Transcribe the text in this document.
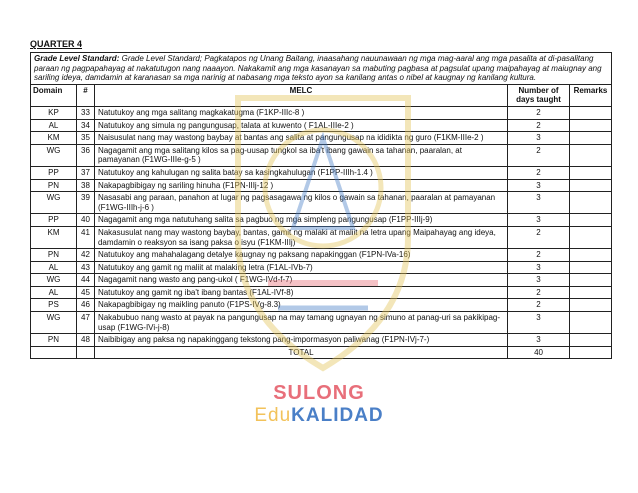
QUARTER 4
Grade Level Standard: Grade Level Standard; Pagkatapos ng Unang Baitang, inaasahang nauunawaan ng mga mag-aaral ang mga pasalita at di-pasalitang paraan ng pagpapahayag at nakatutugon nang naaayon. Nakakamit ang mga kasanayan sa mabuting pagbasa at pagsulat upang maipahayag at maiugnay ang sariling ideya, damdamin at karanasan sa mga narinig at nabasang mga teksto ayon sa kanilang antas o nibel at kaugnay ng kanilang kultura.				
Domain	#	MELC	Number of days taught	Remarks
KP	33	Natutukoy ang mga salitang magkakatugma (F1KP-IIIc-8 )	2	
AL	34	Natutukoy ang simula ng pangungusap, talata at kuwento ( F1AL-IIIe-2 )	2	
KM	35	Naisusulat nang may wastong baybay at bantas ang salita at pangungusap na ididikta ng guro (F1KM-IIIe-2 )	3	
WG	36	Nagagamit ang mga salitang kilos sa pag-uusap tungkol sa iba't ibang gawain sa tahanan, paaralan, at pamayanan (F1WG-IIIe-g-5 )	2	
PP	37	Natutukoy ang kahulugan ng salita batay sa kasingkahulugan (F1PP-IIIh-1.4 )	2	
PN	38	Nakapagbibigay ng sariling hinuha (F1PN-IIIj-12 )	3	
WG	39	Nasasabi ang paraan, panahon at lugar ng pagsasagawa ng kilos o gawain sa tahanan, paaralan at pamayanan (F1WG-IIIh-j-6 )	3	
PP	40	Nagagamit ang mga natutuhang salita sa pagbuo ng mga simpleng pangungusap (F1PP-IIIj-9)	3	
KM	41	Nakasusulat nang may wastong baybay, bantas, gamit ng malaki at maliit na letra upang Maipahayag ang ideya, damdamin o reaksyon sa isang paksa o isyu (F1KM-IIIj)	2	
PN	42	Natutukoy ang mahahalagang detalye kaugnay ng paksang napakinggan (F1PN-IVa-16)	2	
AL	43	Natutukoy ang gamit ng maliit at malaking letra (F1AL-IVb-7)	3	
WG	44	Nagagamit nang wasto ang pang-ukol ( F1WG-IVd-f-7)	3	
AL	45	Natutukoy ang gamit ng iba't ibang bantas (F1AL-IVf-8)	2	
PS	46	Nakapagbibigay ng maikling panuto (F1PS-IVg-8.3)	2	
WG	47	Nakabubuo nang wasto at payak na pangungusap na may tamang ugnayan ng simuno at panag-uri sa pakikipag-usap (F1WG-IVi-j-8)	3	
PN	48	Naibibigay ang paksa ng napakinggang tekstong pang-impormasyon paliwanag (F1PN-IVj-7-)	3	
		TOTAL	40	
SULONG
EduKALIDAD
